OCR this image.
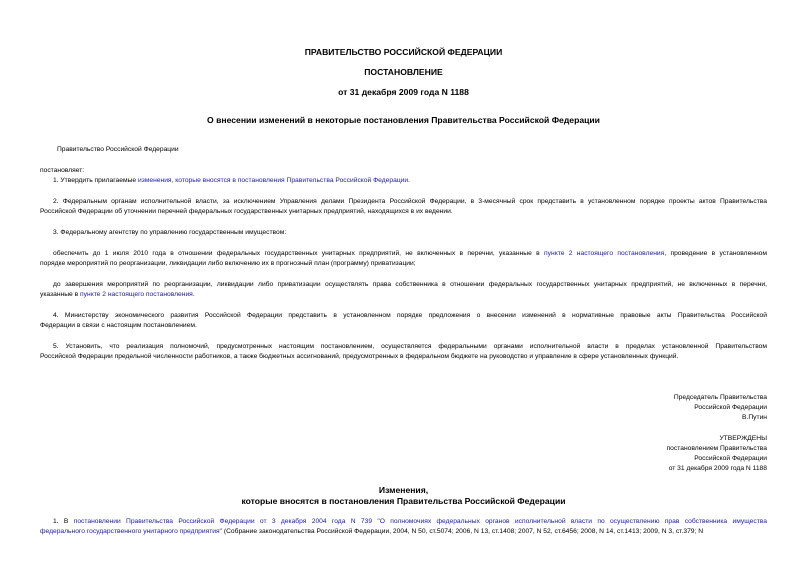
ПРАВИТЕЛЬСТВО РОССИЙСКОЙ ФЕДЕРАЦИИ
ПОСТАНОВЛЕНИЕ
от 31 декабря 2009 года N 1188
О внесении изменений в некоторые постановления Правительства Российской Федерации
Правительство Российской Федерации
постановляет:
1. Утвердить прилагаемые изменения, которые вносятся в постановления Правительства Российской Федерации.
2. Федеральным органам исполнительной власти, за исключением Управления делами Президента Российской Федерации, в 3-месячный срок представить в установленном порядке проекты актов Правительства
Российской Федерации об уточнении перечней федеральных государственных унитарных предприятий, находящихся в их ведении.
3. Федеральному агентству по управлению государственным имуществом:
обеспечить до 1 июля 2010 года в отношении федеральных государственных унитарных предприятий, не включенных в перечни, указанные в пункте 2 настоящего постановления, проведение в установленном
порядке мероприятий по реорганизации, ликвидации либо включению их в прогнозный план (программу) приватизации;
до завершения мероприятий по реорганизации, ликвидации либо приватизации осуществлять права собственника в отношении федеральных государственных унитарных предприятий, не включенных в перечни,
указанные в пункте 2 настоящего постановления.
4. Министерству экономического развития Российской Федерации представить в установленном порядке предложения о внесении изменений в нормативные правовые акты Правительства Российской
Федерации в связи с настоящим постановлением.
5. Установить, что реализация полномочий, предусмотренных настоящим постановлением, осуществляется федеральными органами исполнительной власти в пределах установленной Правительством
Российской Федерации предельной численности работников, а также бюджетных ассигнований, предусмотренных в федеральном бюджете на руководство и управление в сфере установленных функций.
Председатель Правительства
Российской Федерации
В.Путин
УТВЕРЖДЕНЫ
постановлением Правительства
Российской Федерации
от 31 декабря 2009 года N 1188
Изменения,
которые вносятся в постановления Правительства Российской Федерации
1. В постановлении Правительства Российской Федерации от 3 декабря 2004 года N 739 "О полномочиях федеральных органов исполнительной власти по осуществлению прав собственника имущества
федерального государственного унитарного предприятия" (Собрание законодательства Российской Федерации, 2004, N 50, ст.5074; 2006, N 13, ст.1408; 2007, N 52, ст.6456; 2008, N 14, ст.1413; 2009, N 3, ст.379; N
